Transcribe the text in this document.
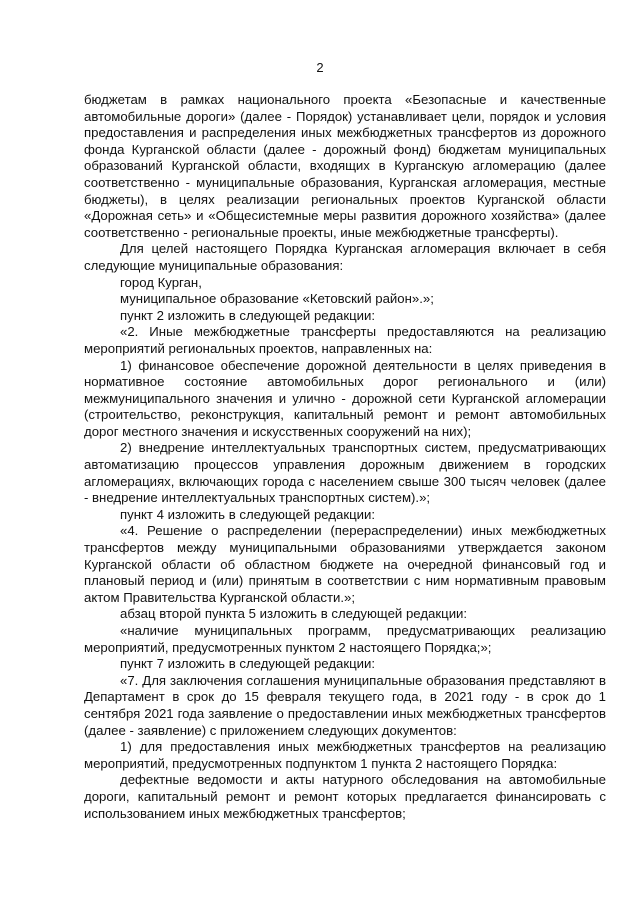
2

бюджетам в рамках национального проекта «Безопасные и качественные автомобильные дороги» (далее - Порядок) устанавливает цели, порядок и условия предоставления и распределения иных межбюджетных трансфертов из дорожного фонда Курганской области (далее - дорожный фонд) бюджетам муниципальных образований Курганской области, входящих в Курганскую агломерацию (далее соответственно - муниципальные образования, Курганская агломерация, местные бюджеты), в целях реализации региональных проектов Курганской области «Дорожная сеть» и «Общесистемные меры развития дорожного хозяйства» (далее соответственно - региональные проекты, иные межбюджетные трансферты).

Для целей настоящего Порядка Курганская агломерация включает в себя следующие муниципальные образования:

город Курган,

муниципальное образование «Кетовский район».»;

пункт 2 изложить в следующей редакции:

«2. Иные межбюджетные трансферты предоставляются на реализацию мероприятий региональных проектов, направленных на:

1) финансовое обеспечение дорожной деятельности в целях приведения в нормативное состояние автомобильных дорог регионального и (или) межмуниципального значения и улично - дорожной сети Курганской агломерации (строительство, реконструкция, капитальный ремонт и ремонт автомобильных дорог местного значения и искусственных сооружений на них);

2) внедрение интеллектуальных транспортных систем, предусматривающих автоматизацию процессов управления дорожным движением в городских агломерациях, включающих города с населением свыше 300 тысяч человек (далее - внедрение интеллектуальных транспортных систем).»;

пункт 4 изложить в следующей редакции:

«4. Решение о распределении (перераспределении) иных межбюджетных трансфертов между муниципальными образованиями утверждается законом Курганской области об областном бюджете на очередной финансовый год и плановый период и (или) принятым в соответствии с ним нормативным правовым актом Правительства Курганской области.»;

абзац второй пункта 5 изложить в следующей редакции:

«наличие муниципальных программ, предусматривающих реализацию мероприятий, предусмотренных пунктом 2 настоящего Порядка;»;

пункт 7 изложить в следующей редакции:

«7. Для заключения соглашения муниципальные образования представляют в Департамент в срок до 15 февраля текущего года, в 2021 году - в срок до 1 сентября 2021 года заявление о предоставлении иных межбюджетных трансфертов (далее - заявление) с приложением следующих документов:

1) для предоставления иных межбюджетных трансфертов на реализацию мероприятий, предусмотренных подпунктом 1 пункта 2 настоящего Порядка:

дефектные ведомости и акты натурного обследования на автомобильные дороги, капитальный ремонт и ремонт которых предлагается финансировать с использованием иных межбюджетных трансфертов;
